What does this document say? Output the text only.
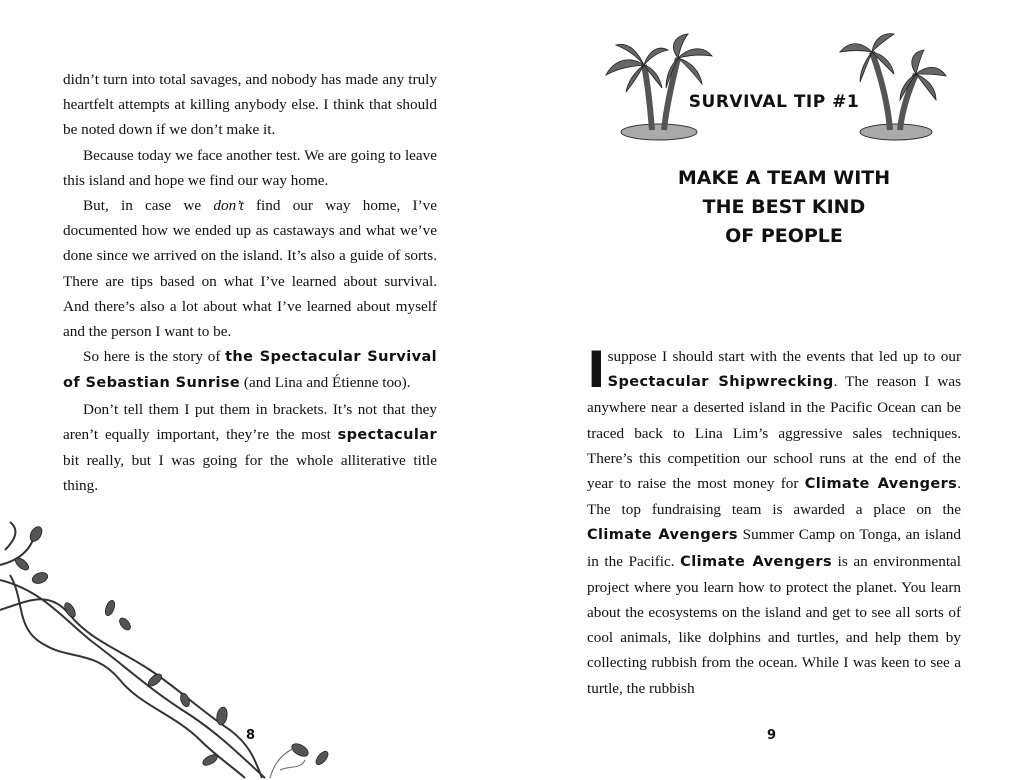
didn’t turn into total savages, and nobody has made any truly heartfelt attempts at killing anybody else. I think that should be noted down if we don’t make it.

Because today we face another test. We are going to leave this island and hope we find our way home.

But, in case we don’t find our way home, I’ve documented how we ended up as castaways and what we’ve done since we arrived on the island. It’s also a guide of sorts. There are tips based on what I’ve learned about survival. And there’s also a lot about what I’ve learned about myself and the person I want to be.

So here is the story of the Spectacular Survival of Sebastian Sunrise (and Lina and Étienne too).

Don’t tell them I put them in brackets. It’s not that they aren’t equally important, they’re the most spectacular bit really, but I was going for the whole alliterative title thing.

8
SURVIVAL TIP #1
MAKE A TEAM WITH
THE BEST KIND
OF PEOPLE

Isuppose I should start with the events that led up to our Spectacular Shipwrecking. The reason I was anywhere near a deserted island in the Pacific Ocean can be traced back to Lina Lim’s aggressive sales techniques. There’s this competition our school runs at the end of the year to raise the most money for Climate Avengers. The top fundraising team is awarded a place on the Climate Avengers Summer Camp on Tonga, an island in the Pacific. Climate Avengers is an environmental project where you learn how to protect the planet. You learn about the ecosystems on the island and get to see all sorts of cool animals, like dolphins and turtles, and help them by collecting rubbish from the ocean. While I was keen to see a turtle, the rubbish

9
